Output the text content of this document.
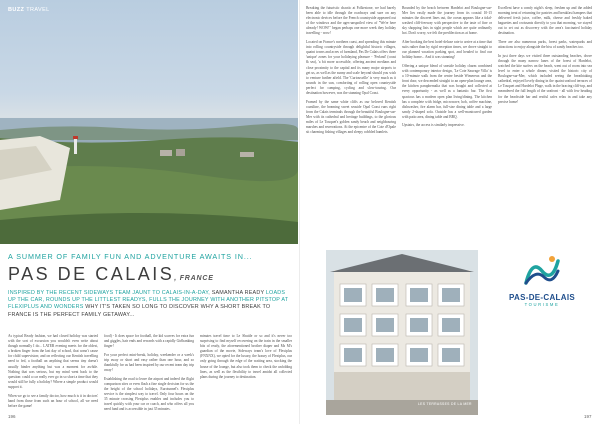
BUZZ TRAVEL	Breaking the futuristic chaotic at Folkestone, we had barely been able to idle through the roadways and sure on any electronic devices before the French countryside appeared out of the windows and the ages-unspoiled view of "We're here already! WOW!" began perhaps one more week they holiday travelling - wow!

Located on France's northern coast, and spreading this minute into rolling countryside through delightful historic villages, quaint towns and acres of farmland, Pas De Calais offers three 'unique' zones for your holidaying pleasure - 'Ferland' (coast & sea), 'a bit more accessible, offering ancient medians and close proximity to the capital and its many major airports to get us, as well as the sunny and scale beyond should you wish to venture further afield. The 'Curiousville' is very much as it sounds in the sun, comforting of rolling open countryside perfect for camping, cycling and slow-touring. Our destination however, was the stunning Opal Coast.

Framed by the same white cliffs as our beloved Kentish coastline, the beaming sweet seaside Opal Coast runs right from the Calais terminals through the beautiful Boulogne-sur-Mer with its cathedral and heritage buildings, to the glorious miles of Le Touquet's golden sandy beach and neighbouring marshes and reservations. At the epicentre of the Cote d'Opale sit charming fishing villages and sleepy cobbled hamlets.

Bounded by the beach between Hardelot and Boulogne-sur-Mer lies easily made the journey from its coastal 10-15 minutes the discreet lines out, the ocean appears like a tidal-washed cliff-freeway with perspective to the taste of fine or sky shopping lists in sight people which are quite ordinarily hot. Don't worry, we felt the predilection as at home.

After booking the best hotel-deluxe rate to arrive at a time that suits rather than by rigid reception times, we drove straight to our planned vacation parking spot, and headed to find our holiday home... And it was stunning!

Offering a unique blend of seaside holiday charm combined with contemporary interior design, 'Le Cote Sauvage Villa' is a 10-minute walk from the centre beside Wimereux and the front door, we descended straight to an open-plan lounge area, the kitchen paraphernalia that was bought and collected at every opportunity - as well as a fantastic bar. The first spacious has a modern open plan living/dining. The kitchen has a complete with fridge, microwave, hob, coffee machine, dishwasher, fire alarm bar, full-size dining table and a large sandy 2-shaped sofa. Outside has a well-manicured garden with patio area, dining table and BBQ.

Upstairs, the access is similarly impressive.

Excellent have a comfy night's sleep, freshen up and the added morning treat of returning for pastries and breakfast hampers that delivered fresh juice, coffee, milk, cheese and freshly baked baguettes and croissants directly to you that morning, we stayed out to set out as discovery with the area's fascinated holiday destination.

There are also numerous parks, forest parks, waterparks and attractions to enjoy alongside the biss of sandy beaches too.

In just three days we visited three outstanding beaches, drove through the many narrow lanes of the forest of Hardelot, watched the kite surfers on the beach, went out of room into sea level to enter a whole dinner, visited the historic city of Boulogne-sur-Mer, which included seeing the breathtaking cathedral, enjoyed lovely dining in the quaint seafood terraces of Le Touquet and Hardelot Plage, walk in the bracing cliff-top, and meandered the full length of the seafront - all with few heading for the beachside bar and restful cafes relax in and take any precise home!

A SUMMER OF FAMILY FUN AND ADVENTURE AWAITS IN...
PAS DE CALAIS, FRANCE
INSPIRED BY THE RECENT SIDEWAYS TEAM JAUNT TO CALAIS-IN-A-DAY, SAMANTHA READY LOADS UP THE CAR, ROUNDS UP THE LITTLEST READYS, FULLS THE JOURNEY WITH ANOTHER PITSTOP AT FLEXIPLUS AND WONDERS WHY IT'S TAKEN SO LONG TO DISCOVER WHY A SHORT BREAK TO FRANCE IS THE PERFECT FAMILY GETAWAY...

As typical Ready fashion, we had closed holiday was started with the sort of excursion you wouldn't even write about though normally I do... LATER evening meets for the oldest, a broken finger from the last day of school, that wasn't cause for child supervision; and on reflecting our Kentish travelling need to fed, a football an anything that seems tiny doesn't usually hinder anything but was a moment for awhile. Nothing that was serious, but my mind went back to the question: could a car really ever go in so short a time that they would still be fully a holiday? Where a simple product would support it.

When we go to see a family doctor, how much is it in doctors' hand from those from such an hour of school, all we need before the game!

food) - It does space for football, the kid scarves for extra fun and giggles, hair ends and rewards with a rapidly Girlbanking finger!

For your perfect mini-break, holiday, weekender or a week's trip away or short and easy rather than one hour, and so thankfully for us had been inspired by our recent team day trip away!

Establishing the road to leave the airport and indeed the flight comparison sites or even flash a fine single decision for us the the height of the school holidays, Eurotunnel's Flexiplus service is the simplest way to travel. Only four hours on the 35 minute crossing Flexiplus enables and includes you to travel quickly with your car or coach, and who offers all you need fund and is accessible in just 35 minutes.

minutes travel time to Le Shuttle or so and it's never too surprising to find myself recovering on the train in the smaller bits of ready, the aforementioned brother diaper and Ms M's guardian of the movie, Sideways team's love of Flexiplus (FNXNX), we opted for the luxury, the luxury of Flexiplus, our only going through the edge of the waiting area, stocking the house of the lounge, but also took them to check the unfolding lines, as well as the flexibility to travel amidst all collected plans during the journey to destination.

LES TERRASSES DE LA MER
PAS-DE-CALAIS
TOURISME
196	197
